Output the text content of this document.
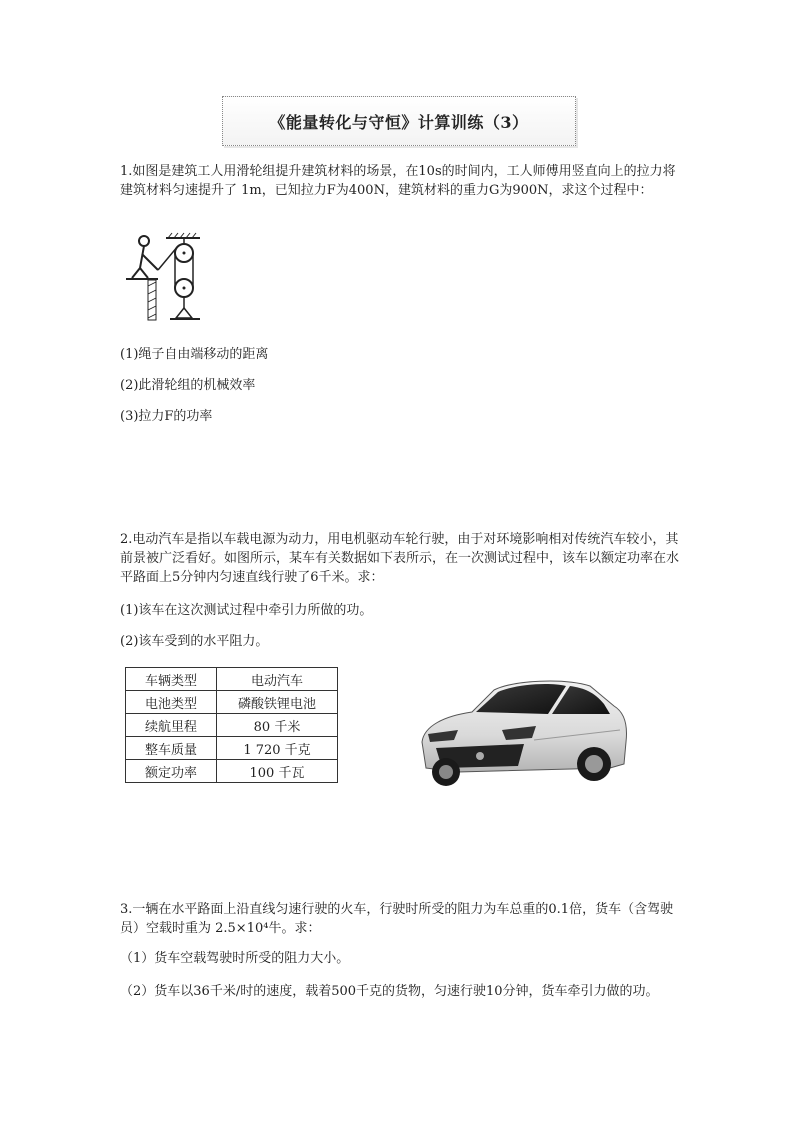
《能量转化与守恒》计算训练（3）

1.如图是建筑工人用滑轮组提升建筑材料的场景，在10s的时间内，工人师傅用竖直向上的拉力将建筑材料匀速提升了 1m，已知拉力F为400N，建筑材料的重力G为900N，求这个过程中：

(1)绳子自由端移动的距离

(2)此滑轮组的机械效率

(3)拉力F的功率

2.电动汽车是指以车载电源为动力，用电机驱动车轮行驶，由于对环境影响相对传统汽车较小，其前景被广泛看好。如图所示，某车有关数据如下表所示，在一次测试过程中，该车以额定功率在水平路面上5分钟内匀速直线行驶了6千米。求：

(1)该车在这次测试过程中牵引力所做的功。

(2)该车受到的水平阻力。

车辆类型	电动汽车
电池类型	磷酸铁锂电池
续航里程	80 千米
整车质量	1 720 千克
额定功率	100 千瓦

3.一辆在水平路面上沿直线匀速行驶的火车，行驶时所受的阻力为车总重的0.1倍，货车（含驾驶员）空载时重为 2.5×10⁴牛。求：

（1）货车空载驾驶时所受的阻力大小。

（2）货车以36千米/时的速度，载着500千克的货物，匀速行驶10分钟，货车牵引力做的功。
